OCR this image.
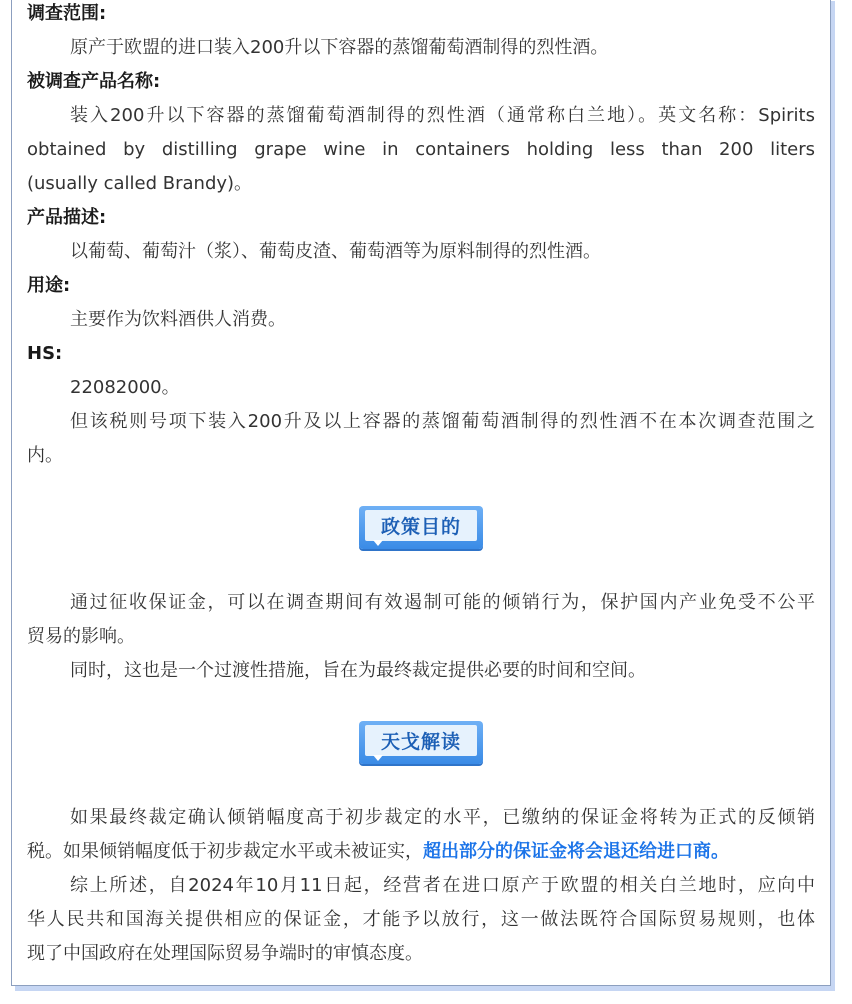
调查范围:
原产于欧盟的进口装入200升以下容器的蒸馏葡萄酒制得的烈性酒。
被调查产品名称:
装入200升以下容器的蒸馏葡萄酒制得的烈性酒（通常称白兰地）。英文名称：Spirits
obtained by distilling grape wine in containers holding less than 200 liters
(usually called Brandy)。
产品描述:
以葡萄、葡萄汁（浆）、葡萄皮渣、葡萄酒等为原料制得的烈性酒。
用途:
主要作为饮料酒供人消费。
HS:
22082000。
但该税则号项下装入200升及以上容器的蒸馏葡萄酒制得的烈性酒不在本次调查范围之
内。
政策目的
通过征收保证金，可以在调查期间有效遏制可能的倾销行为，保护国内产业免受不公平
贸易的影响。
同时，这也是一个过渡性措施，旨在为最终裁定提供必要的时间和空间。
天戈解读
如果最终裁定确认倾销幅度高于初步裁定的水平，已缴纳的保证金将转为正式的反倾销
税。如果倾销幅度低于初步裁定水平或未被证实，超出部分的保证金将会退还给进口商。
综上所述，自2024年10月11日起，经营者在进口原产于欧盟的相关白兰地时，应向中
华人民共和国海关提供相应的保证金，才能予以放行，这一做法既符合国际贸易规则，也体
现了中国政府在处理国际贸易争端时的审慎态度。
